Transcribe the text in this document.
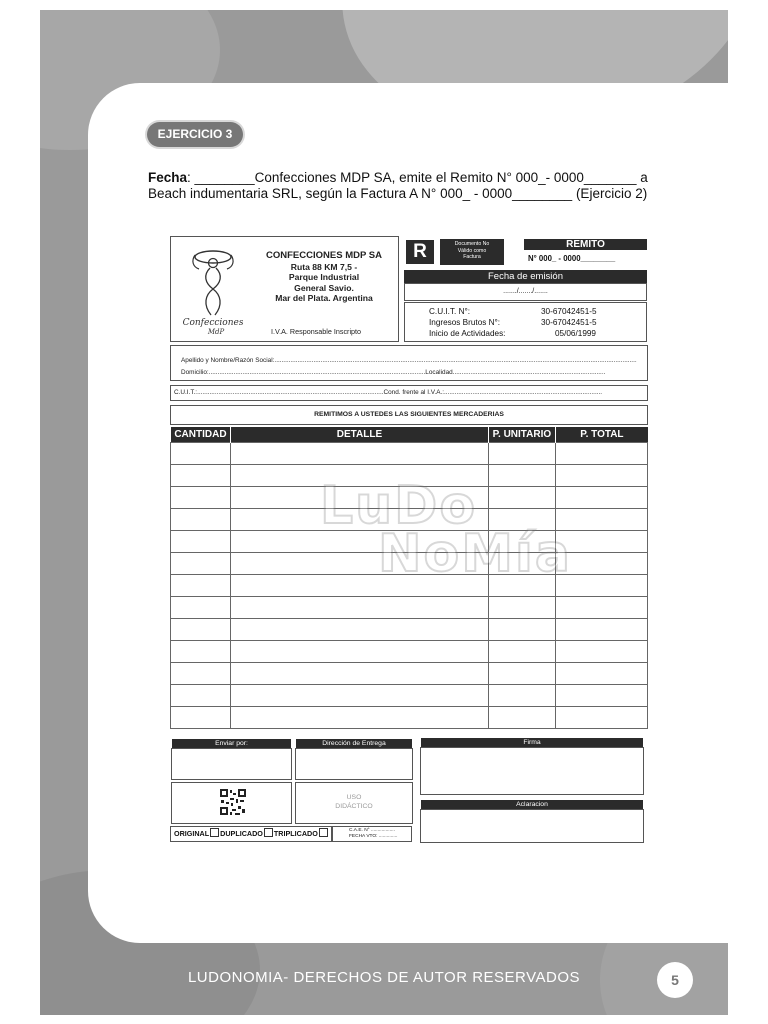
EJERCICIO 3
Fecha: ________Confecciones MDP SA, emite el Remito N° 000_- 0000_______ a Beach indumentaria SRL, según la Factura A N° 000_ - 0000________ (Ejercicio 2)
Confecciones
MdP
CONFECCIONES MDP SA
Ruta 88 KM 7,5 -
Parque Industrial
General Savio.
Mar del Plata. Argentina
I.V.A. Responsable Inscripto
R	Documento No
Válido como
Factura
REMITO
N° 000_ - 0000________
Fecha de emisión
......./......./.......
C.U.I.T. N°:	30-67042451-5
Ingresos Brutos N°:	30-67042451-5
Inicio de Actividades:	05/06/1999
Apellido y Nombre/Razón Social:............................................................................................................................................................................................................
Domicilio:..........................................................................................................................Localidad......................................................................................
C.U.I.T.:.........................................................................................................Cond. frente al I.V.A.:.........................................................................................
REMITIMOS A USTEDES LAS SIGUIENTES MERCADERIAS
CANTIDAD	DETALLE	P. UNITARIO	P. TOTAL

LuDo
NoMía
Enviar por:	Dirección de Entrega	Firma
USO
DIDÁCTICO	Aclaracion
ORIGINAL DUPLICADO TRIPLICADO	C.A.E. N° ..................
FECHA VTO: ..............
LUDONOMIA- DERECHOS DE AUTOR RESERVADOS	5
